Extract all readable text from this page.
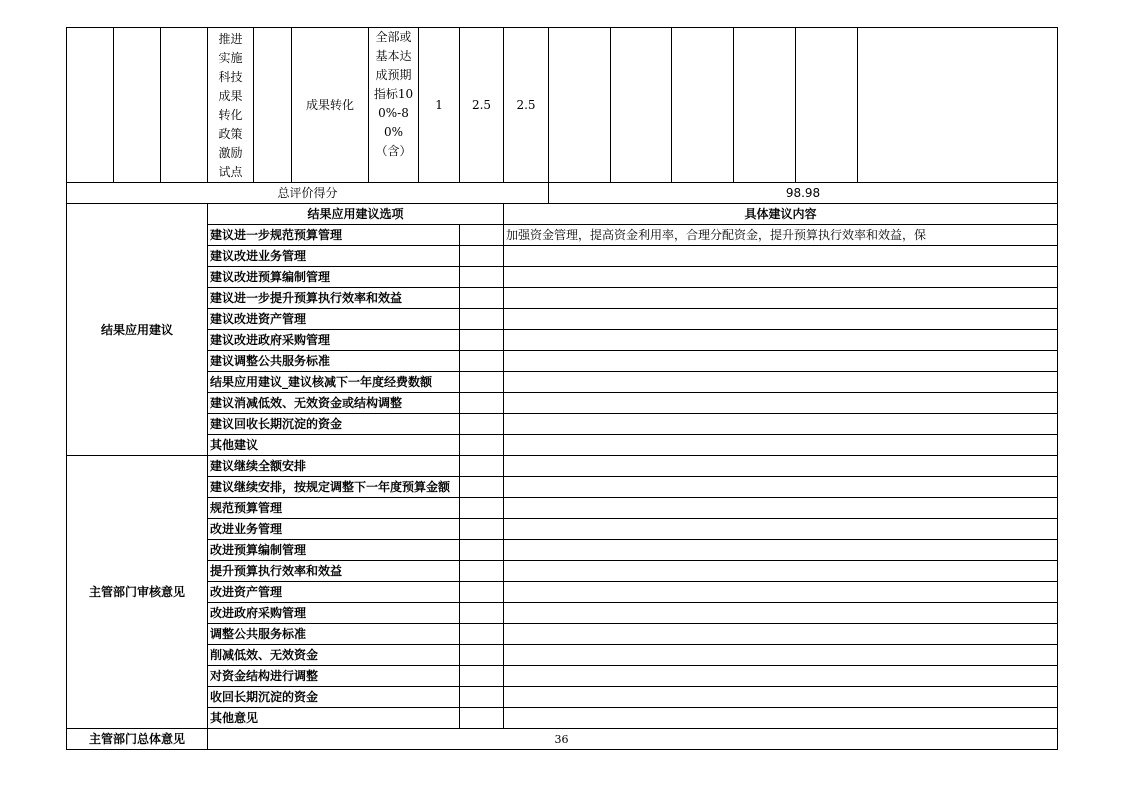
			推进实施科技成果转化政策激励试点		成果转化	全部或基本达成预期指标100%-80%（含）	1	2.5	2.5						
总评价得分										98.98					
结果应用建议			结果应用建议选项						具体建议内容						
			建议进一步规范预算管理						加强资金管理，提高资金利用率，合理分配资金，提升预算执行效率和效益，保						
			建议改进业务管理												
			建议改进预算编制管理												
			建议进一步提升预算执行效率和效益												
			建议改进资产管理												
			建议改进政府采购管理												
			建议调整公共服务标准												
			结果应用建议_建议核减下一年度经费数额												
			建议消减低效、无效资金或结构调整												
			建议回收长期沉淀的资金												
			其他建议												
主管部门审核意见			建议继续全额安排												
			建议继续安排，按规定调整下一年度预算金额												
			规范预算管理												
			改进业务管理												
			改进预算编制管理												
			提升预算执行效率和效益												
			改进资产管理												
			改进政府采购管理												
			调整公共服务标准												
			削减低效、无效资金												
			对资金结构进行调整												
			收回长期沉淀的资金												
			其他意见												
主管部门总体意见																36
